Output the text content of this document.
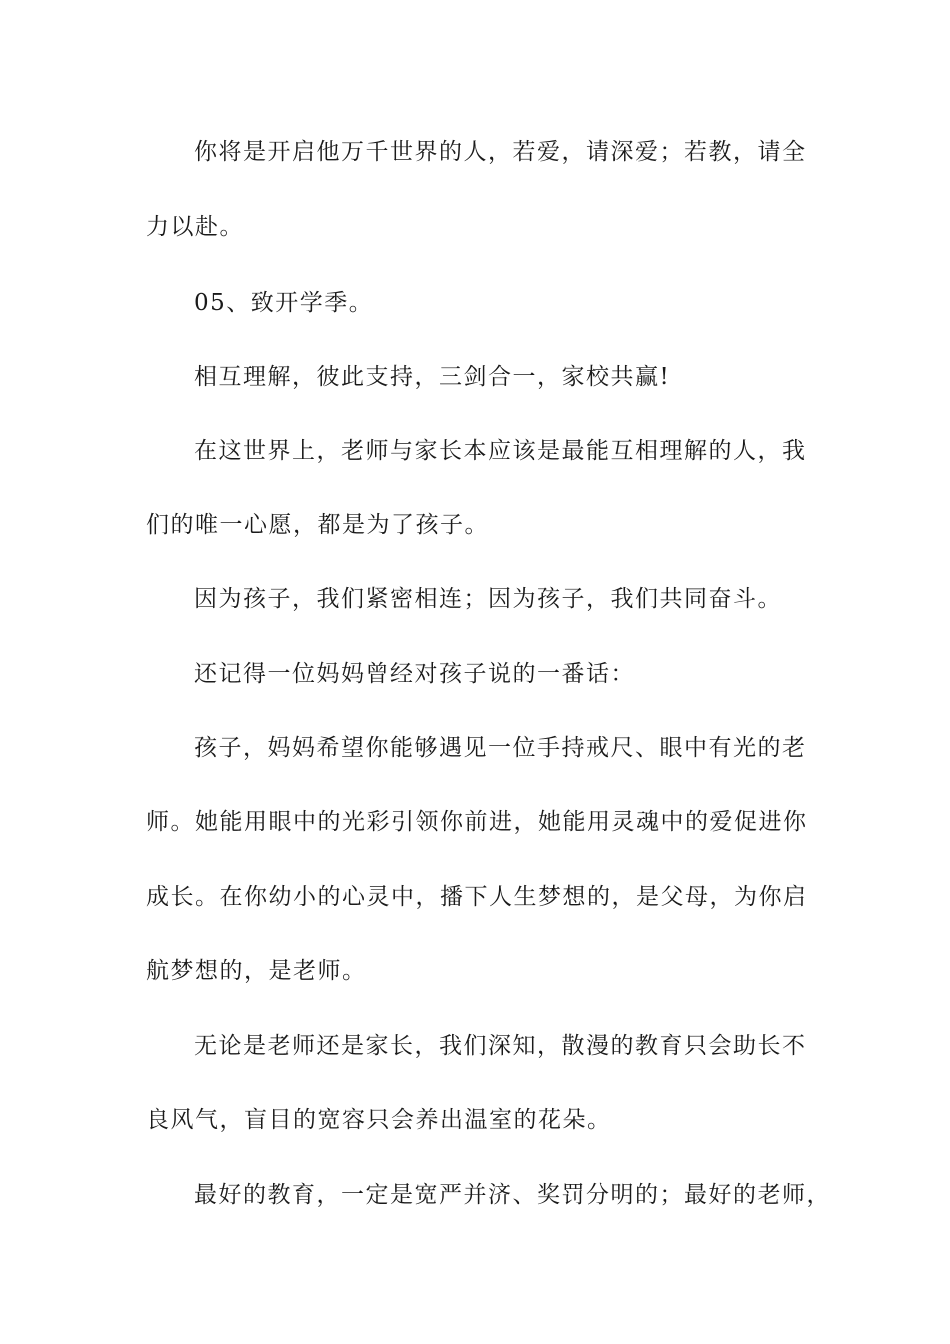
你将是开启他万千世界的人，若爱，请深爱；若教，请全
力以赴。
05、致开学季。
相互理解，彼此支持，三剑合一，家校共赢!
在这世界上，老师与家长本应该是最能互相理解的人，我
们的唯一心愿，都是为了孩子。
因为孩子，我们紧密相连；因为孩子，我们共同奋斗。
还记得一位妈妈曾经对孩子说的一番话：
孩子，妈妈希望你能够遇见一位手持戒尺、眼中有光的老
师。她能用眼中的光彩引领你前进，她能用灵魂中的爱促进你
成长。在你幼小的心灵中，播下人生梦想的，是父母，为你启
航梦想的，是老师。
无论是老师还是家长，我们深知，散漫的教育只会助长不
良风气，盲目的宽容只会养出温室的花朵。
最好的教育，一定是宽严并济、奖罚分明的；最好的老师，
